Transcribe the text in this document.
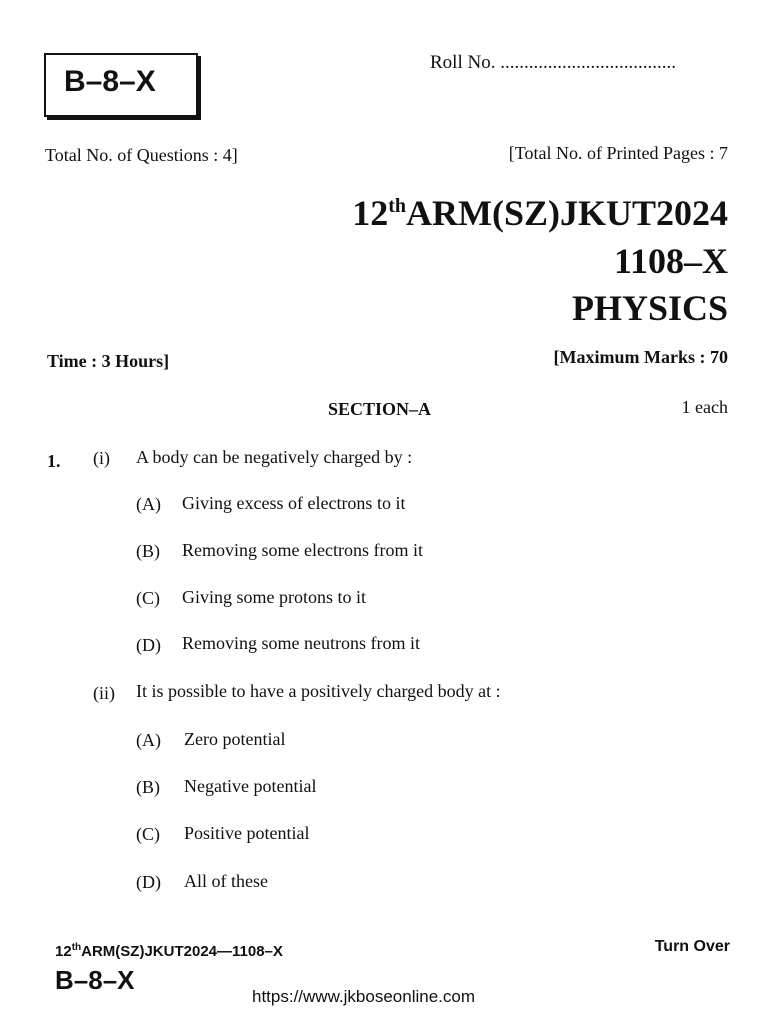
B–8–X
Roll No. .....................................
Total No. of Questions : 4]	[Total No. of Printed Pages : 7
12thARM(SZ)JKUT2024
1108–X
PHYSICS
Time : 3 Hours]	[Maximum Marks : 70
SECTION–A	1 each
1. (i) A body can be negatively charged by :
(A) Giving excess of electrons to it
(B) Removing some electrons from it
(C) Giving some protons to it
(D) Removing some neutrons from it
(ii) It is possible to have a positively charged body at :
(A) Zero potential
(B) Negative potential
(C) Positive potential
(D) All of these
12thARM(SZ)JKUT2024—1108–X
B–8–X
Turn Over
https://www.jkboseonline.com
